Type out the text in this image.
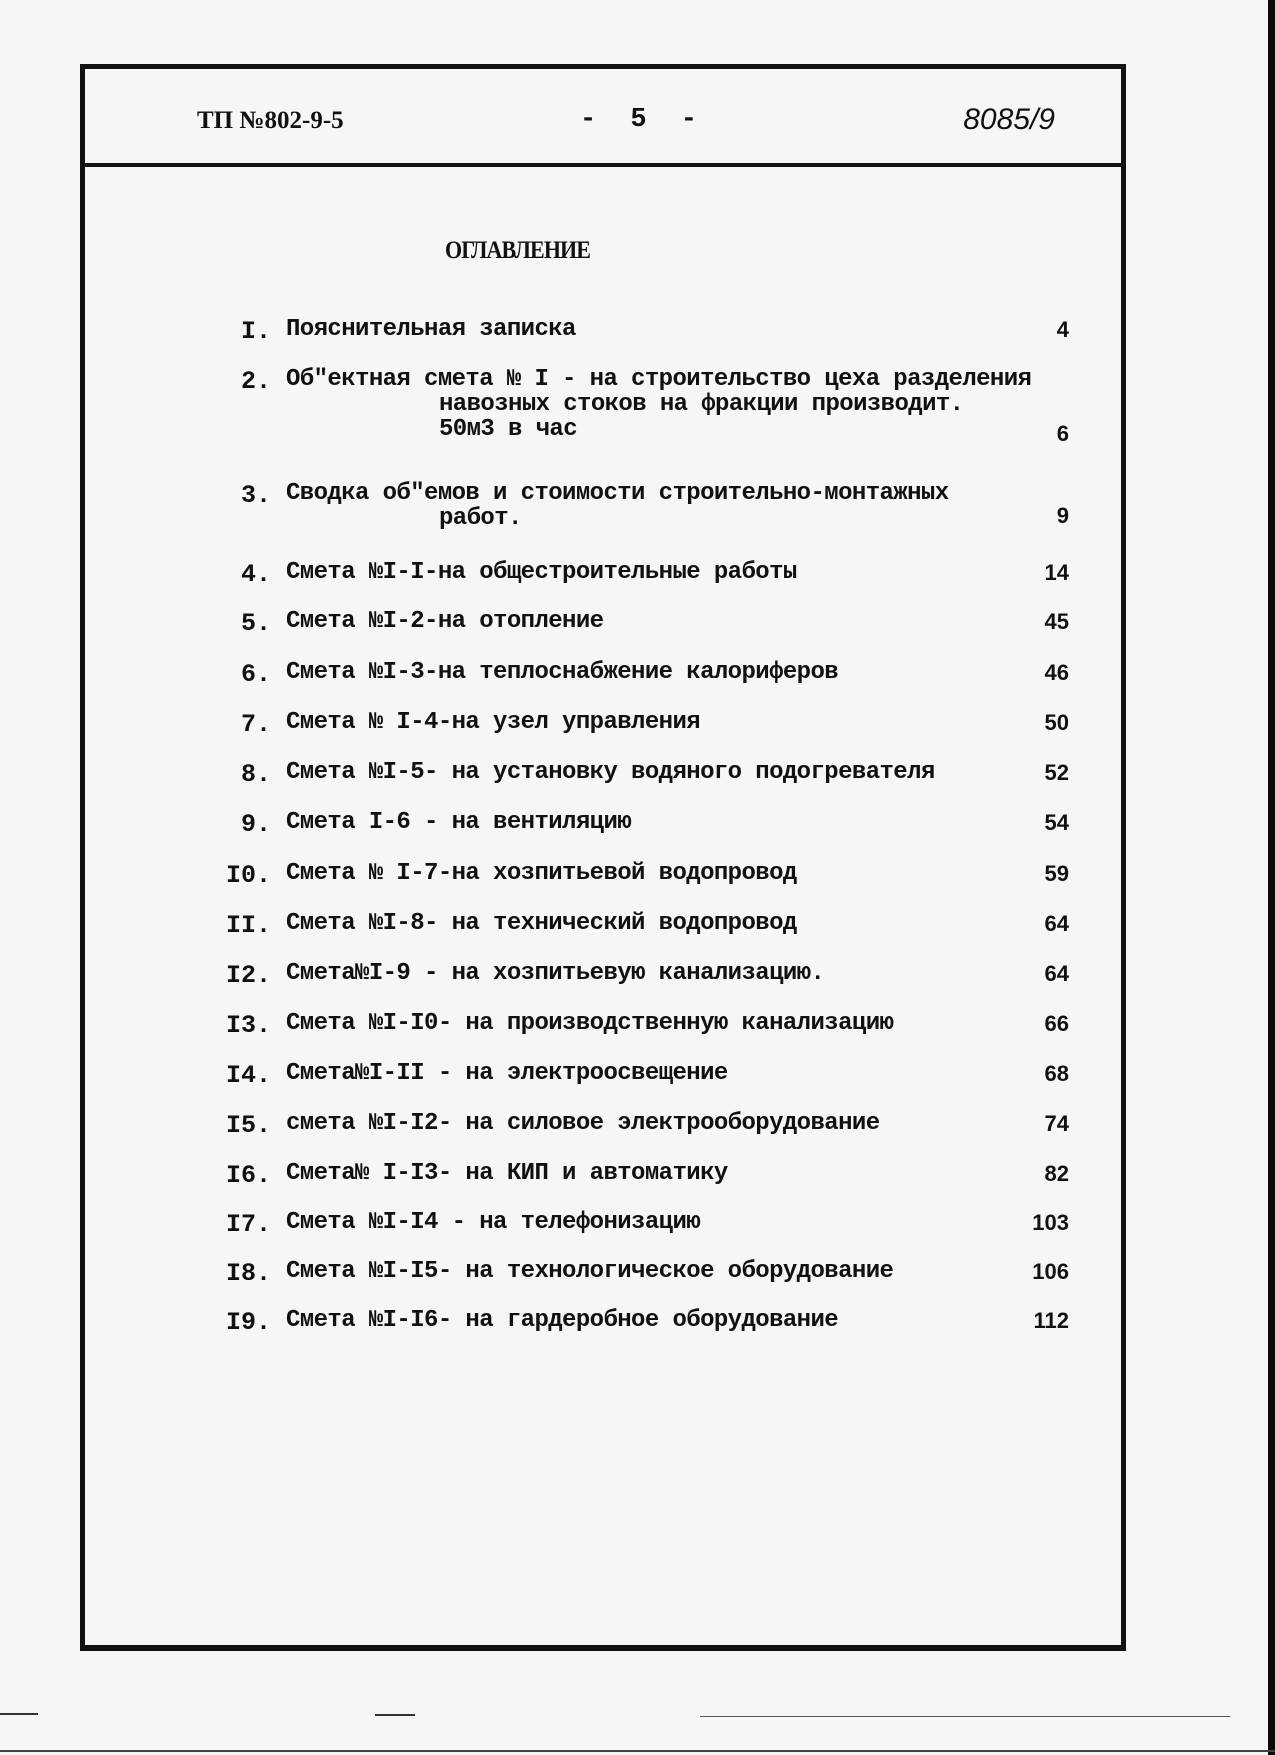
ТП №802-9-5	- 5 -	8085/9
ОГЛАВЛЕНИЕ
I. Пояснительная записка	4
2. Об"ектная смета № I - на строительство цеха разделения
навозных стоков на фракции производит.
50м3 в час	6
3. Сводка об"емов и стоимости строительно-монтажных
работ.	9
4. Смета №I-I-на общестроительные работы	14
5. Смета №I-2-на отопление	45
6. Смета №I-3-на теплоснабжение калориферов	46
7. Смета № I-4-на узел управления	50
8. Смета №I-5- на установку водяного подогревателя	52
9. Смета I-6 - на вентиляцию	54
I0. Смета № I-7-на хозпитьевой водопровод	59
II. Смета №I-8- на технический водопровод	64
I2. Смета№I-9 - на хозпитьевую канализацию.	64
I3. Смета №I-I0- на производственную канализацию	66
I4. Смета№I-II - на электроосвещение	68
I5. смета №I-I2- на силовое электрооборудование	74
I6. Смета№ I-I3- на КИП и автоматику	82
I7. Смета №I-I4 - на телефонизацию	103
I8. Смета №I-I5- на технологическое оборудование	106
I9. Смета №I-I6- на гардеробное оборудование	112
